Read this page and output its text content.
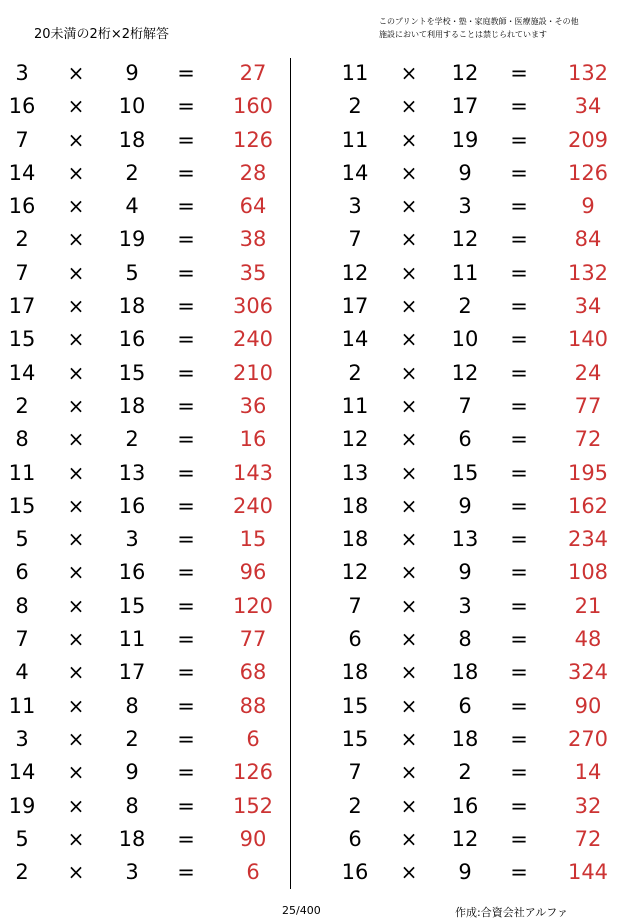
20未満の2桁×2桁解答
このプリントを学校・塾・家庭教師・医療施設・その他
施設において利用することは禁じられています
3	×	9	=	27
16	×	10	=	160
7	×	18	=	126
14	×	2	=	28
16	×	4	=	64
2	×	19	=	38
7	×	5	=	35
17	×	18	=	306
15	×	16	=	240
14	×	15	=	210
2	×	18	=	36
8	×	2	=	16
11	×	13	=	143
15	×	16	=	240
5	×	3	=	15
6	×	16	=	96
8	×	15	=	120
7	×	11	=	77
4	×	17	=	68
11	×	8	=	88
3	×	2	=	6
14	×	9	=	126
19	×	8	=	152
5	×	18	=	90
2	×	3	=	6
11	×	12	=	132
2	×	17	=	34
11	×	19	=	209
14	×	9	=	126
3	×	3	=	9
7	×	12	=	84
12	×	11	=	132
17	×	2	=	34
14	×	10	=	140
2	×	12	=	24
11	×	7	=	77
12	×	6	=	72
13	×	15	=	195
18	×	9	=	162
18	×	13	=	234
12	×	9	=	108
7	×	3	=	21
6	×	8	=	48
18	×	18	=	324
15	×	6	=	90
15	×	18	=	270
7	×	2	=	14
2	×	16	=	32
6	×	12	=	72
16	×	9	=	144
25/400	作成:合資会社アルファ
